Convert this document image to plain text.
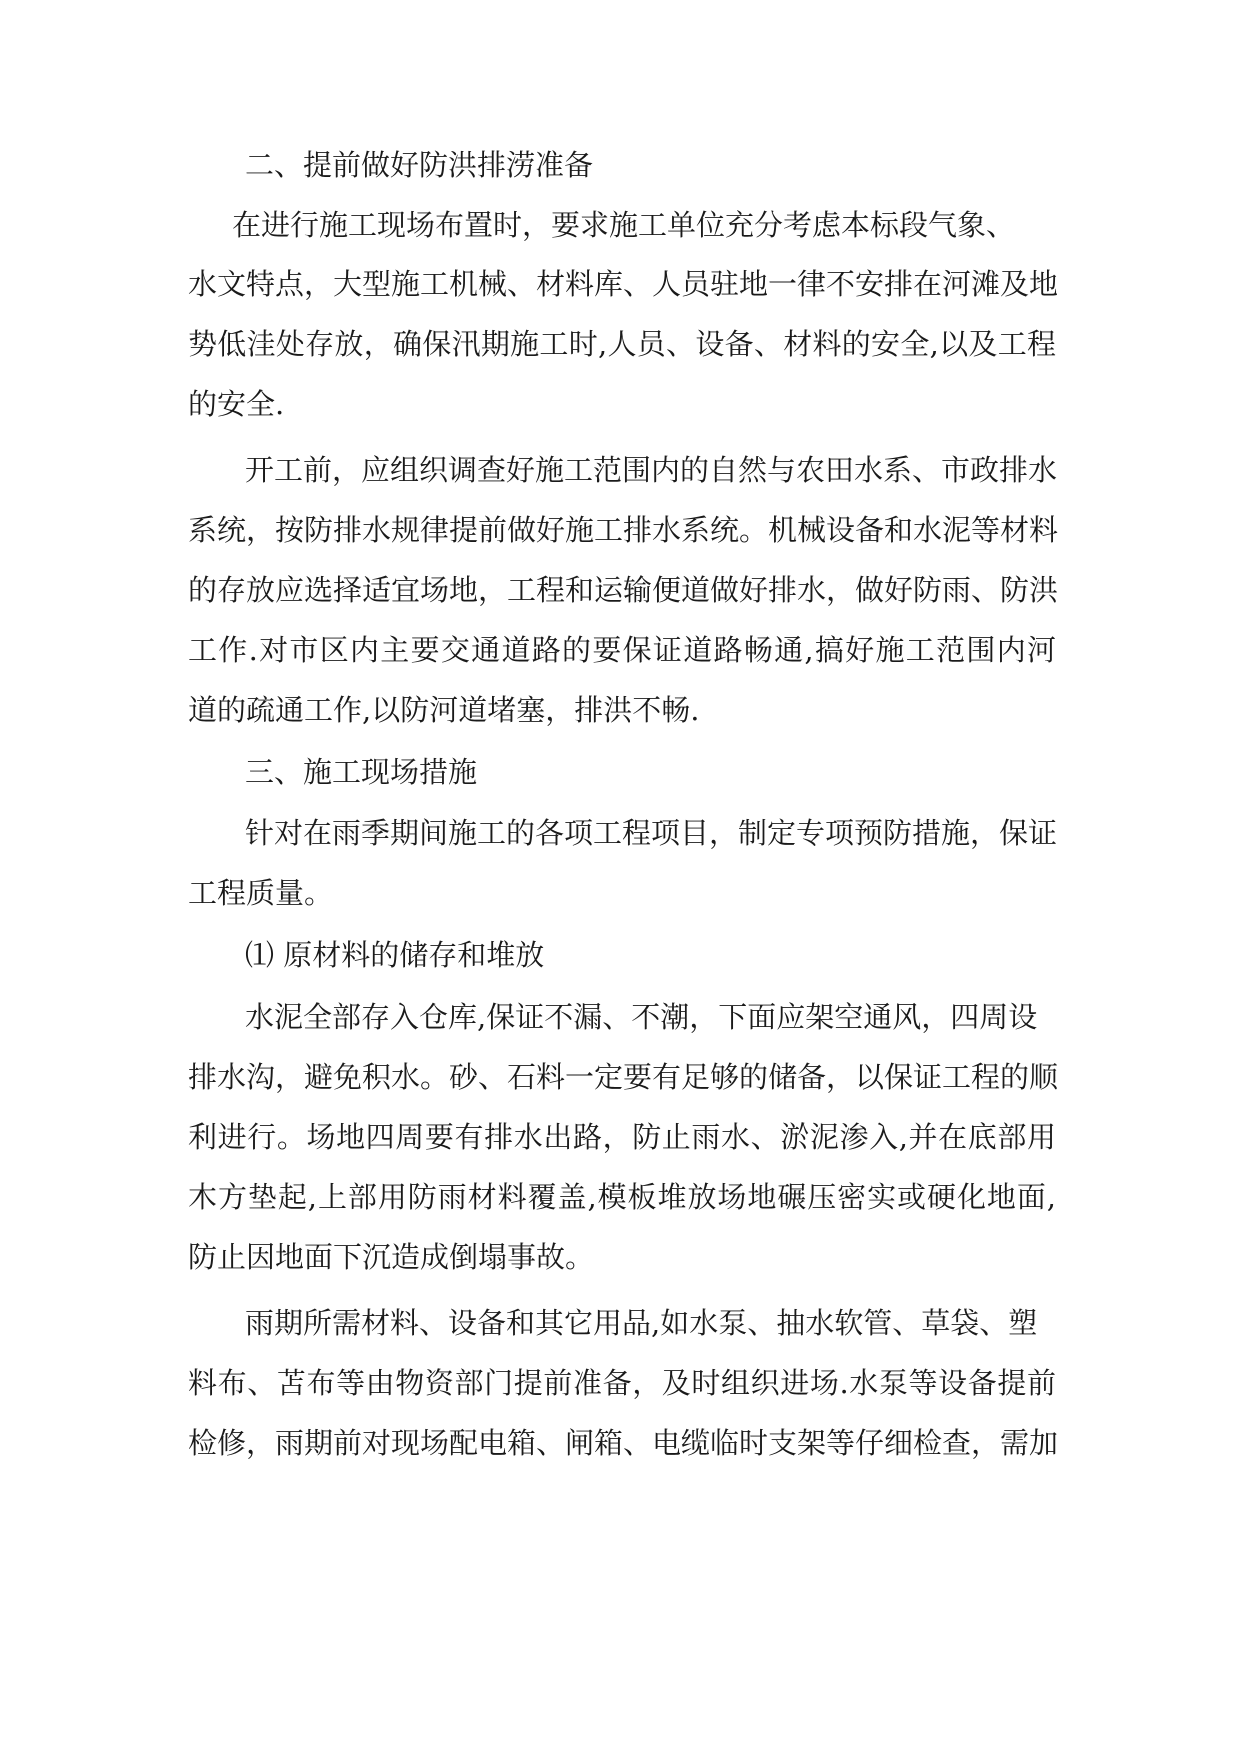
二、提前做好防洪排涝准备

在进行施工现场布置时，要求施工单位充分考虑本标段气象、

水文特点，大型施工机械、材料库、人员驻地一律不安排在河滩及地

势低洼处存放，确保汛期施工时,人员、设备、材料的安全,以及工程

的安全.

开工前，应组织调查好施工范围内的自然与农田水系、市政排水

系统，按防排水规律提前做好施工排水系统。机械设备和水泥等材料

的存放应选择适宜场地，工程和运输便道做好排水，做好防雨、防洪

工作.对市区内主要交通道路的要保证道路畅通,搞好施工范围内河

道的疏通工作,以防河道堵塞，排洪不畅.

三、施工现场措施

针对在雨季期间施工的各项工程项目，制定专项预防措施，保证

工程质量。

⑴ 原材料的储存和堆放

水泥全部存入仓库,保证不漏、不潮，下面应架空通风，四周设

排水沟，避免积水。砂、石料一定要有足够的储备，以保证工程的顺

利进行。场地四周要有排水出路，防止雨水、淤泥渗入,并在底部用

木方垫起,上部用防雨材料覆盖,模板堆放场地碾压密实或硬化地面,

防止因地面下沉造成倒塌事故。

雨期所需材料、设备和其它用品,如水泵、抽水软管、草袋、塑

料布、苫布等由物资部门提前准备，及时组织进场.水泵等设备提前

检修，雨期前对现场配电箱、闸箱、电缆临时支架等仔细检查，需加
